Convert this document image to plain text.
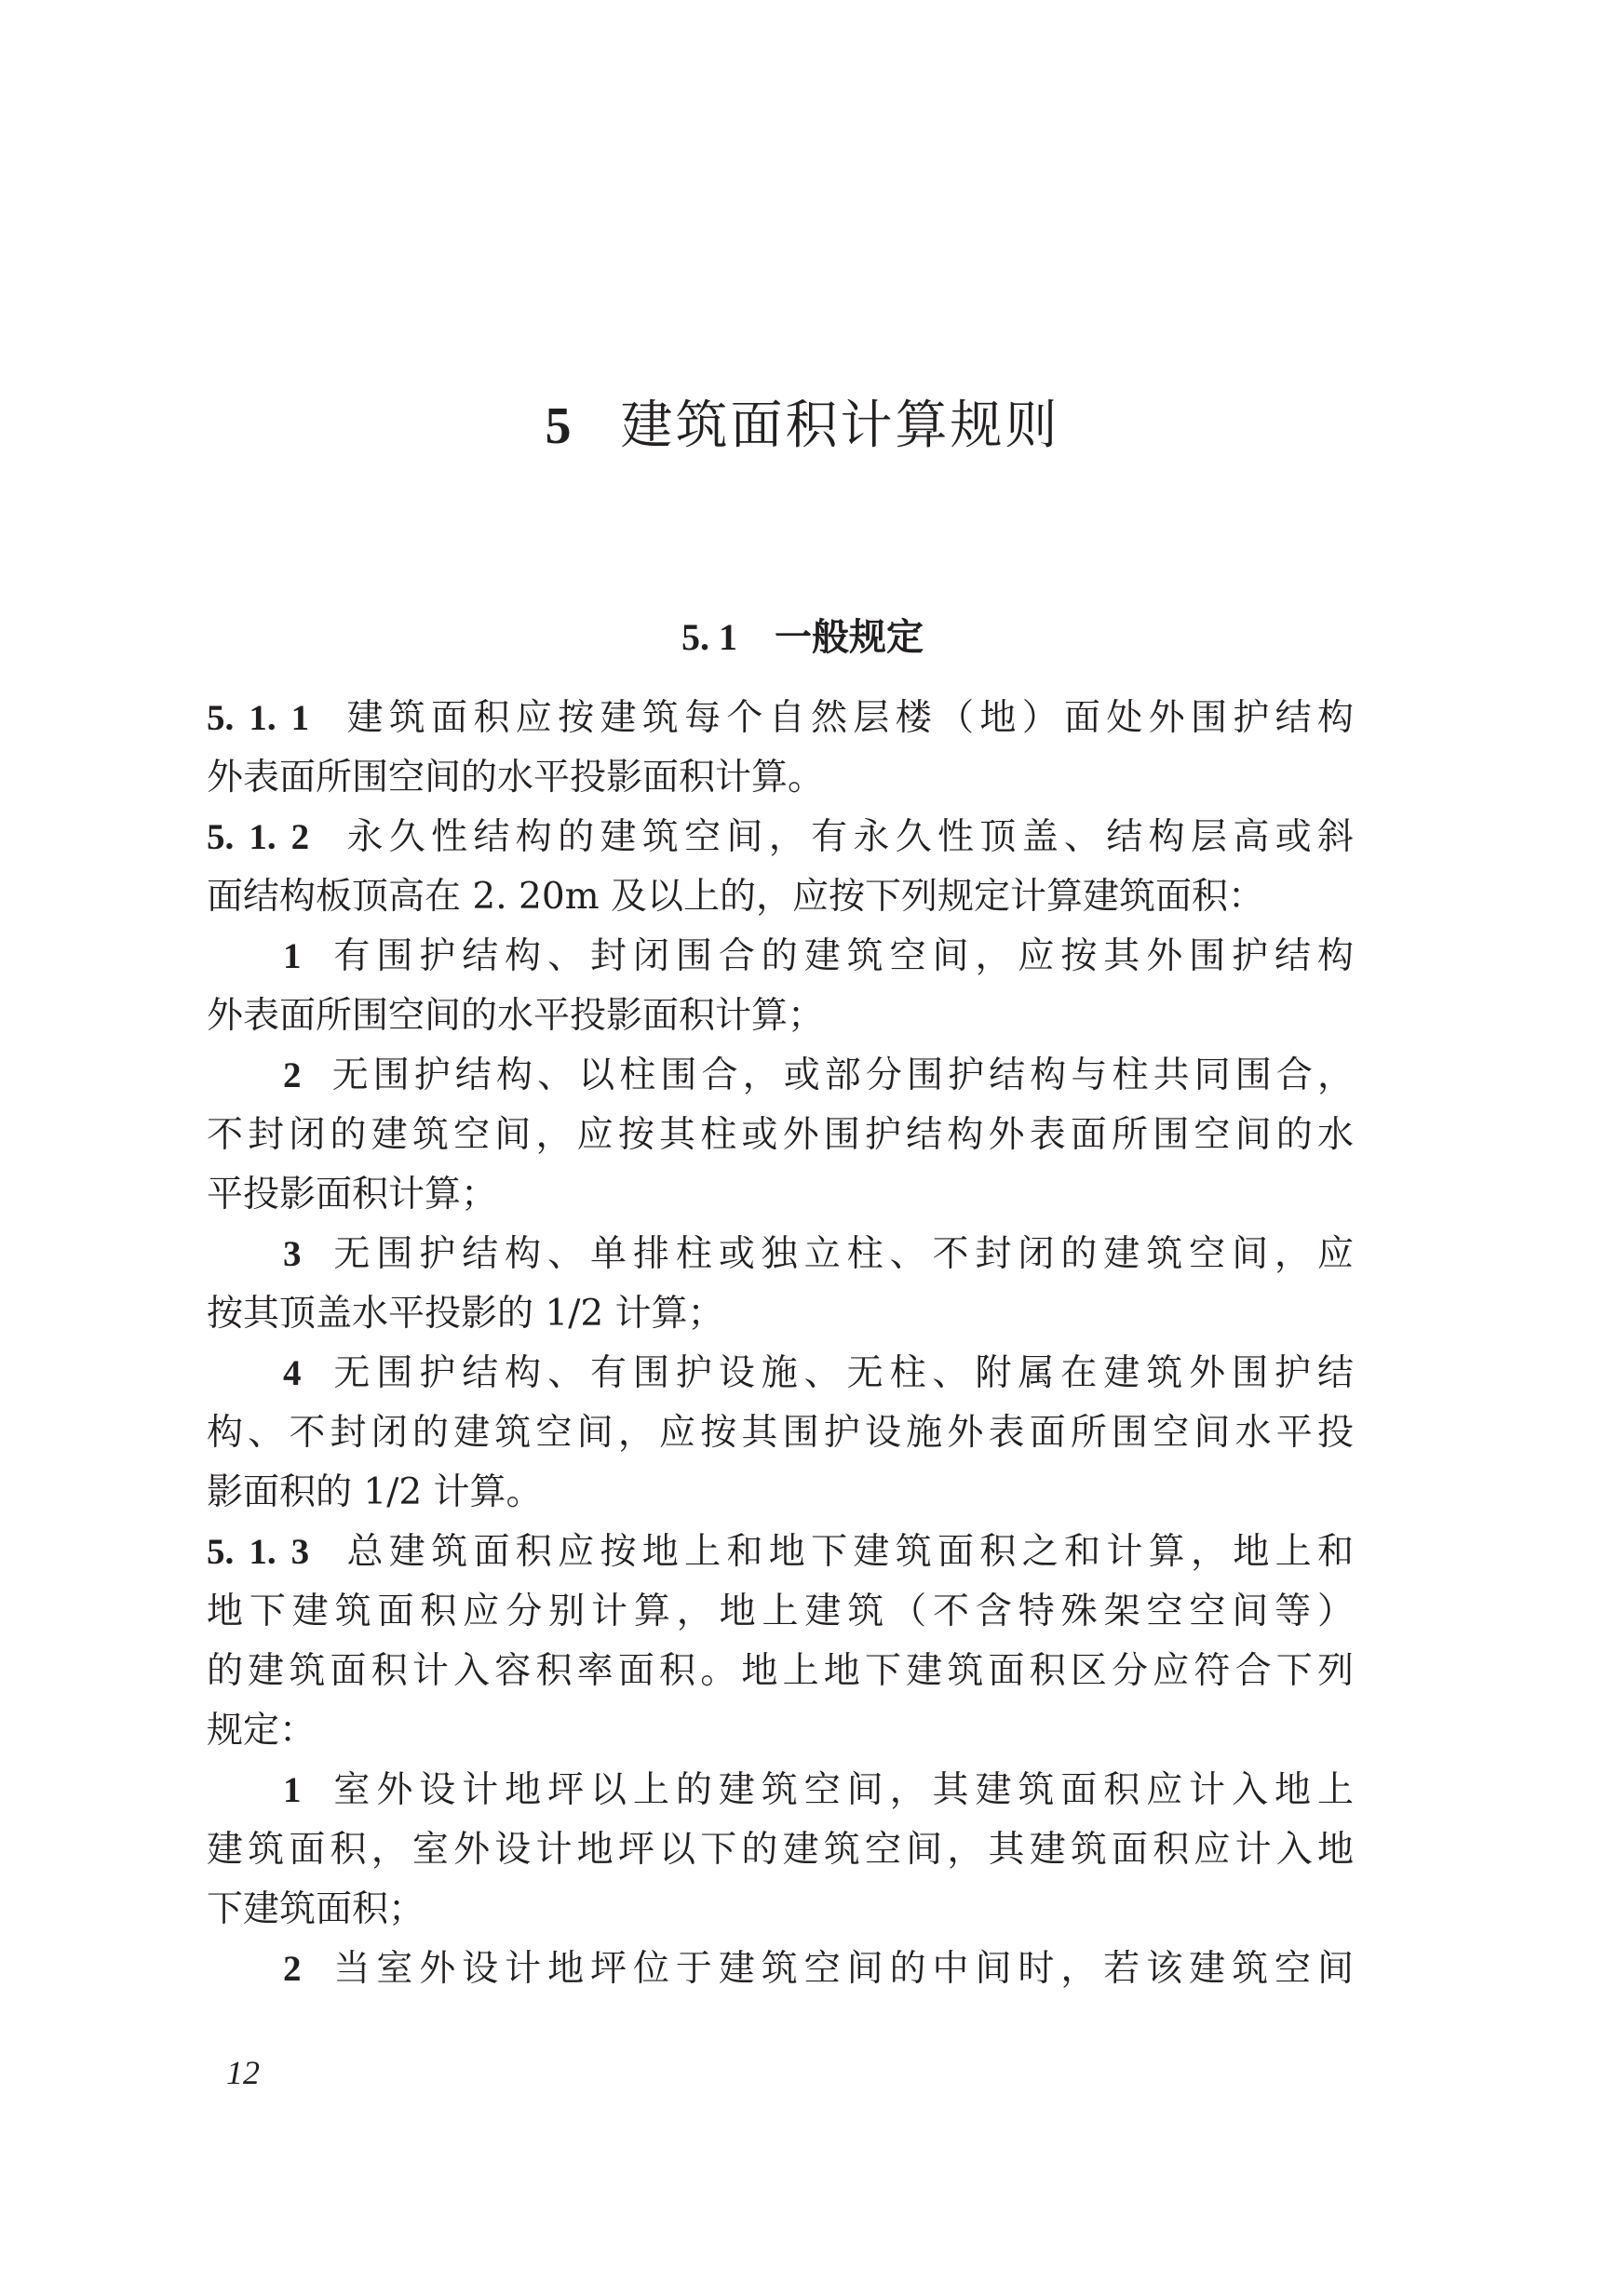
5 建筑面积计算规则
5. 1 一般规定
5. 1. 1 建筑面积应按建筑每个自然层楼（地）面处外围护结构
外表面所围空间的水平投影面积计算。
5. 1. 2 永久性结构的建筑空间，有永久性顶盖、结构层高或斜
面结构板顶高在 2. 20m 及以上的，应按下列规定计算建筑面积：
1 有围护结构、封闭围合的建筑空间，应按其外围护结构
外表面所围空间的水平投影面积计算；
2 无围护结构、以柱围合，或部分围护结构与柱共同围合，
不封闭的建筑空间，应按其柱或外围护结构外表面所围空间的水
平投影面积计算；
3 无围护结构、单排柱或独立柱、不封闭的建筑空间，应
按其顶盖水平投影的 1/2 计算；
4 无围护结构、有围护设施、无柱、附属在建筑外围护结
构、不封闭的建筑空间，应按其围护设施外表面所围空间水平投
影面积的 1/2 计算。
5. 1. 3 总建筑面积应按地上和地下建筑面积之和计算，地上和
地下建筑面积应分别计算，地上建筑（不含特殊架空空间等）
的建筑面积计入容积率面积。地上地下建筑面积区分应符合下列
规定：
1 室外设计地坪以上的建筑空间，其建筑面积应计入地上
建筑面积，室外设计地坪以下的建筑空间，其建筑面积应计入地
下建筑面积；
2 当室外设计地坪位于建筑空间的中间时，若该建筑空间
12
